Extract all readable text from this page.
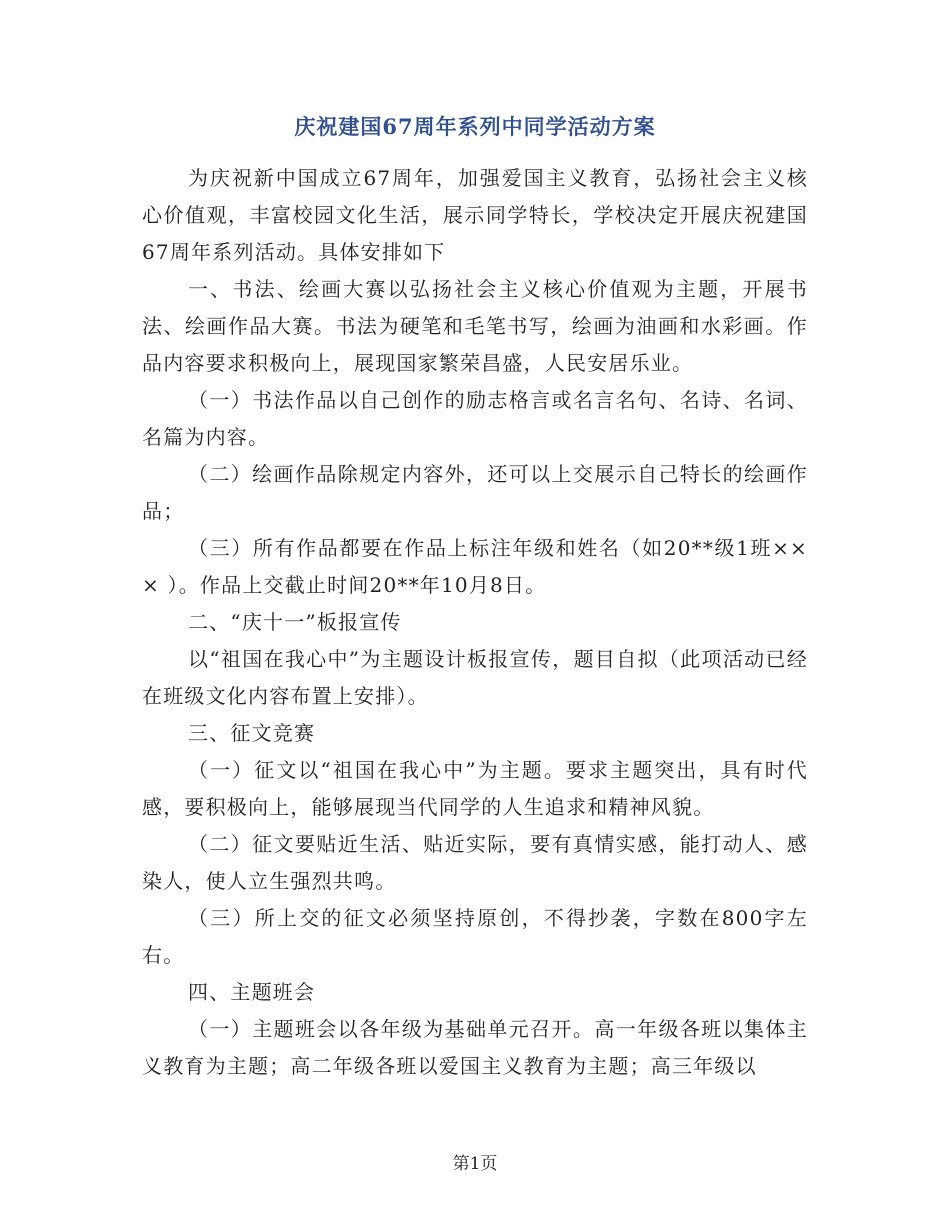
庆祝建国67周年系列中同学活动方案

为庆祝新中国成立67周年，加强爱国主义教育，弘扬社会主义核心价值观，丰富校园文化生活，展示同学特长，学校决定开展庆祝建国67周年系列活动。具体安排如下

一、书法、绘画大赛以弘扬社会主义核心价值观为主题，开展书法、绘画作品大赛。书法为硬笔和毛笔书写，绘画为油画和水彩画。作品内容要求积极向上，展现国家繁荣昌盛，人民安居乐业。

（一）书法作品以自己创作的励志格言或名言名句、名诗、名词、名篇为内容。

（二）绘画作品除规定内容外，还可以上交展示自己特长的绘画作品；

（三）所有作品都要在作品上标注年级和姓名（如20**级1班××× ）。作品上交截止时间20**年10月8日。

二、“庆十一”板报宣传

以“祖国在我心中”为主题设计板报宣传，题目自拟（此项活动已经在班级文化内容布置上安排）。

三、征文竞赛

（一）征文以“祖国在我心中”为主题。要求主题突出，具有时代感，要积极向上，能够展现当代同学的人生追求和精神风貌。

（二）征文要贴近生活、贴近实际，要有真情实感，能打动人、感染人，使人立生强烈共鸣。

（三）所上交的征文必须坚持原创，不得抄袭，字数在800字左右。

四、主题班会

（一）主题班会以各年级为基础单元召开。高一年级各班以集体主义教育为主题；高二年级各班以爱国主义教育为主题；高三年级以

第1页
